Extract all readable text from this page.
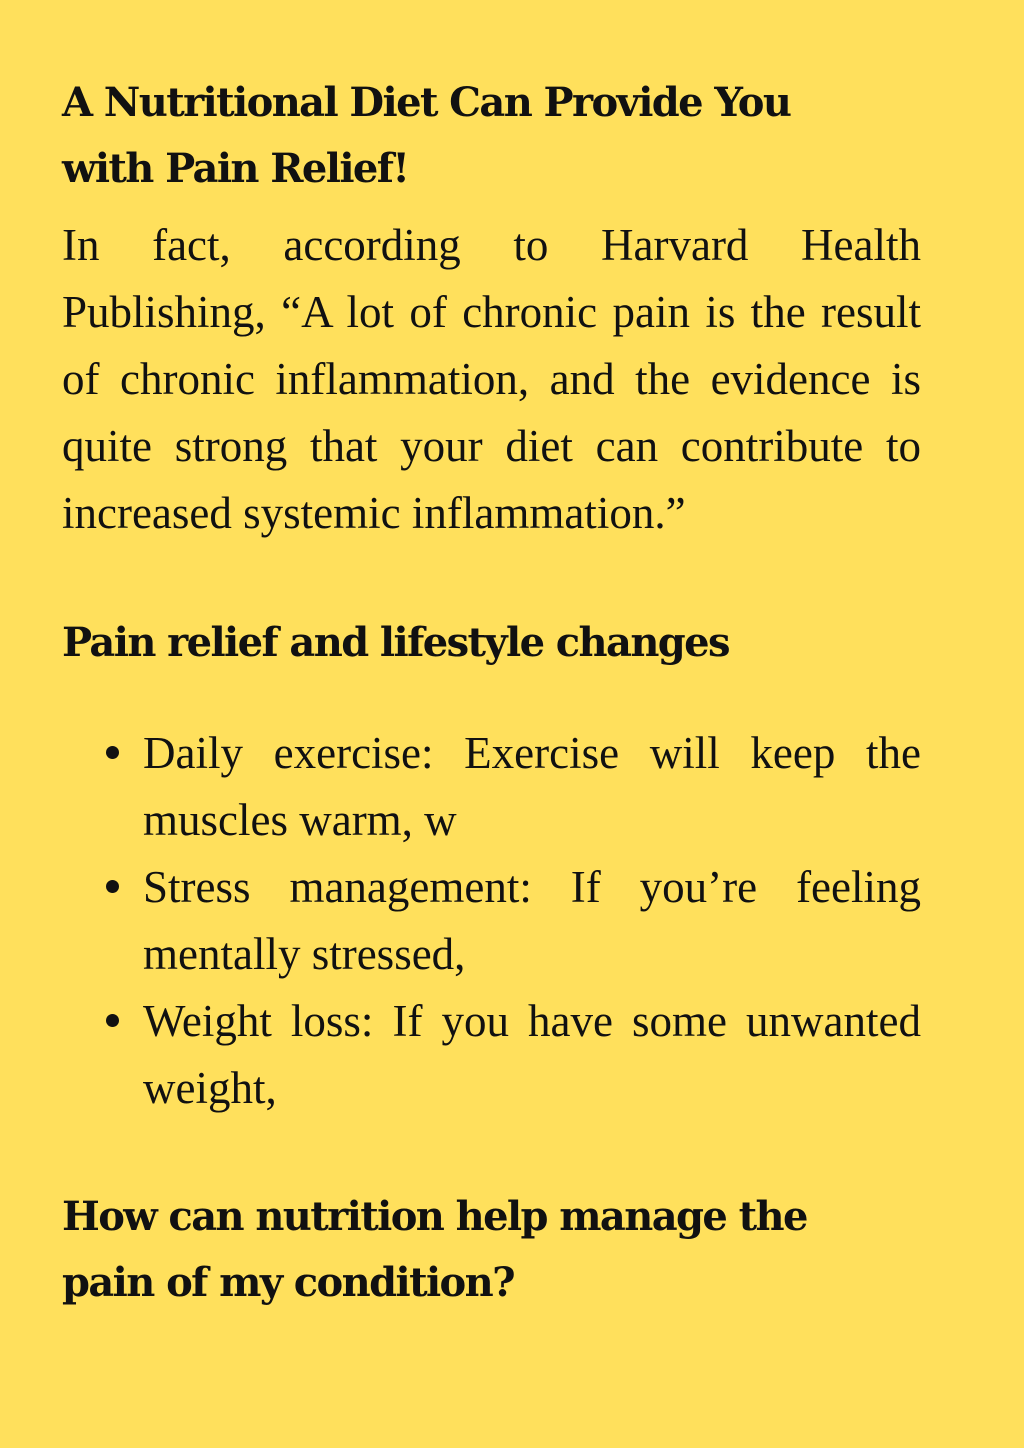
A Nutritional Diet Can Provide You with Pain Relief!

In fact, according to Harvard Health Publishing, “A lot of chronic pain is the result of chronic inflammation, and the evidence is quite strong that your diet can contribute to increased systemic inflammation.”

Pain relief and lifestyle changes
Daily exercise: Exercise will keep the muscles warm, w
Stress management: If you’re feeling mentally stressed,
Weight loss: If you have some unwanted weight,
How can nutrition help manage the pain of my condition?
